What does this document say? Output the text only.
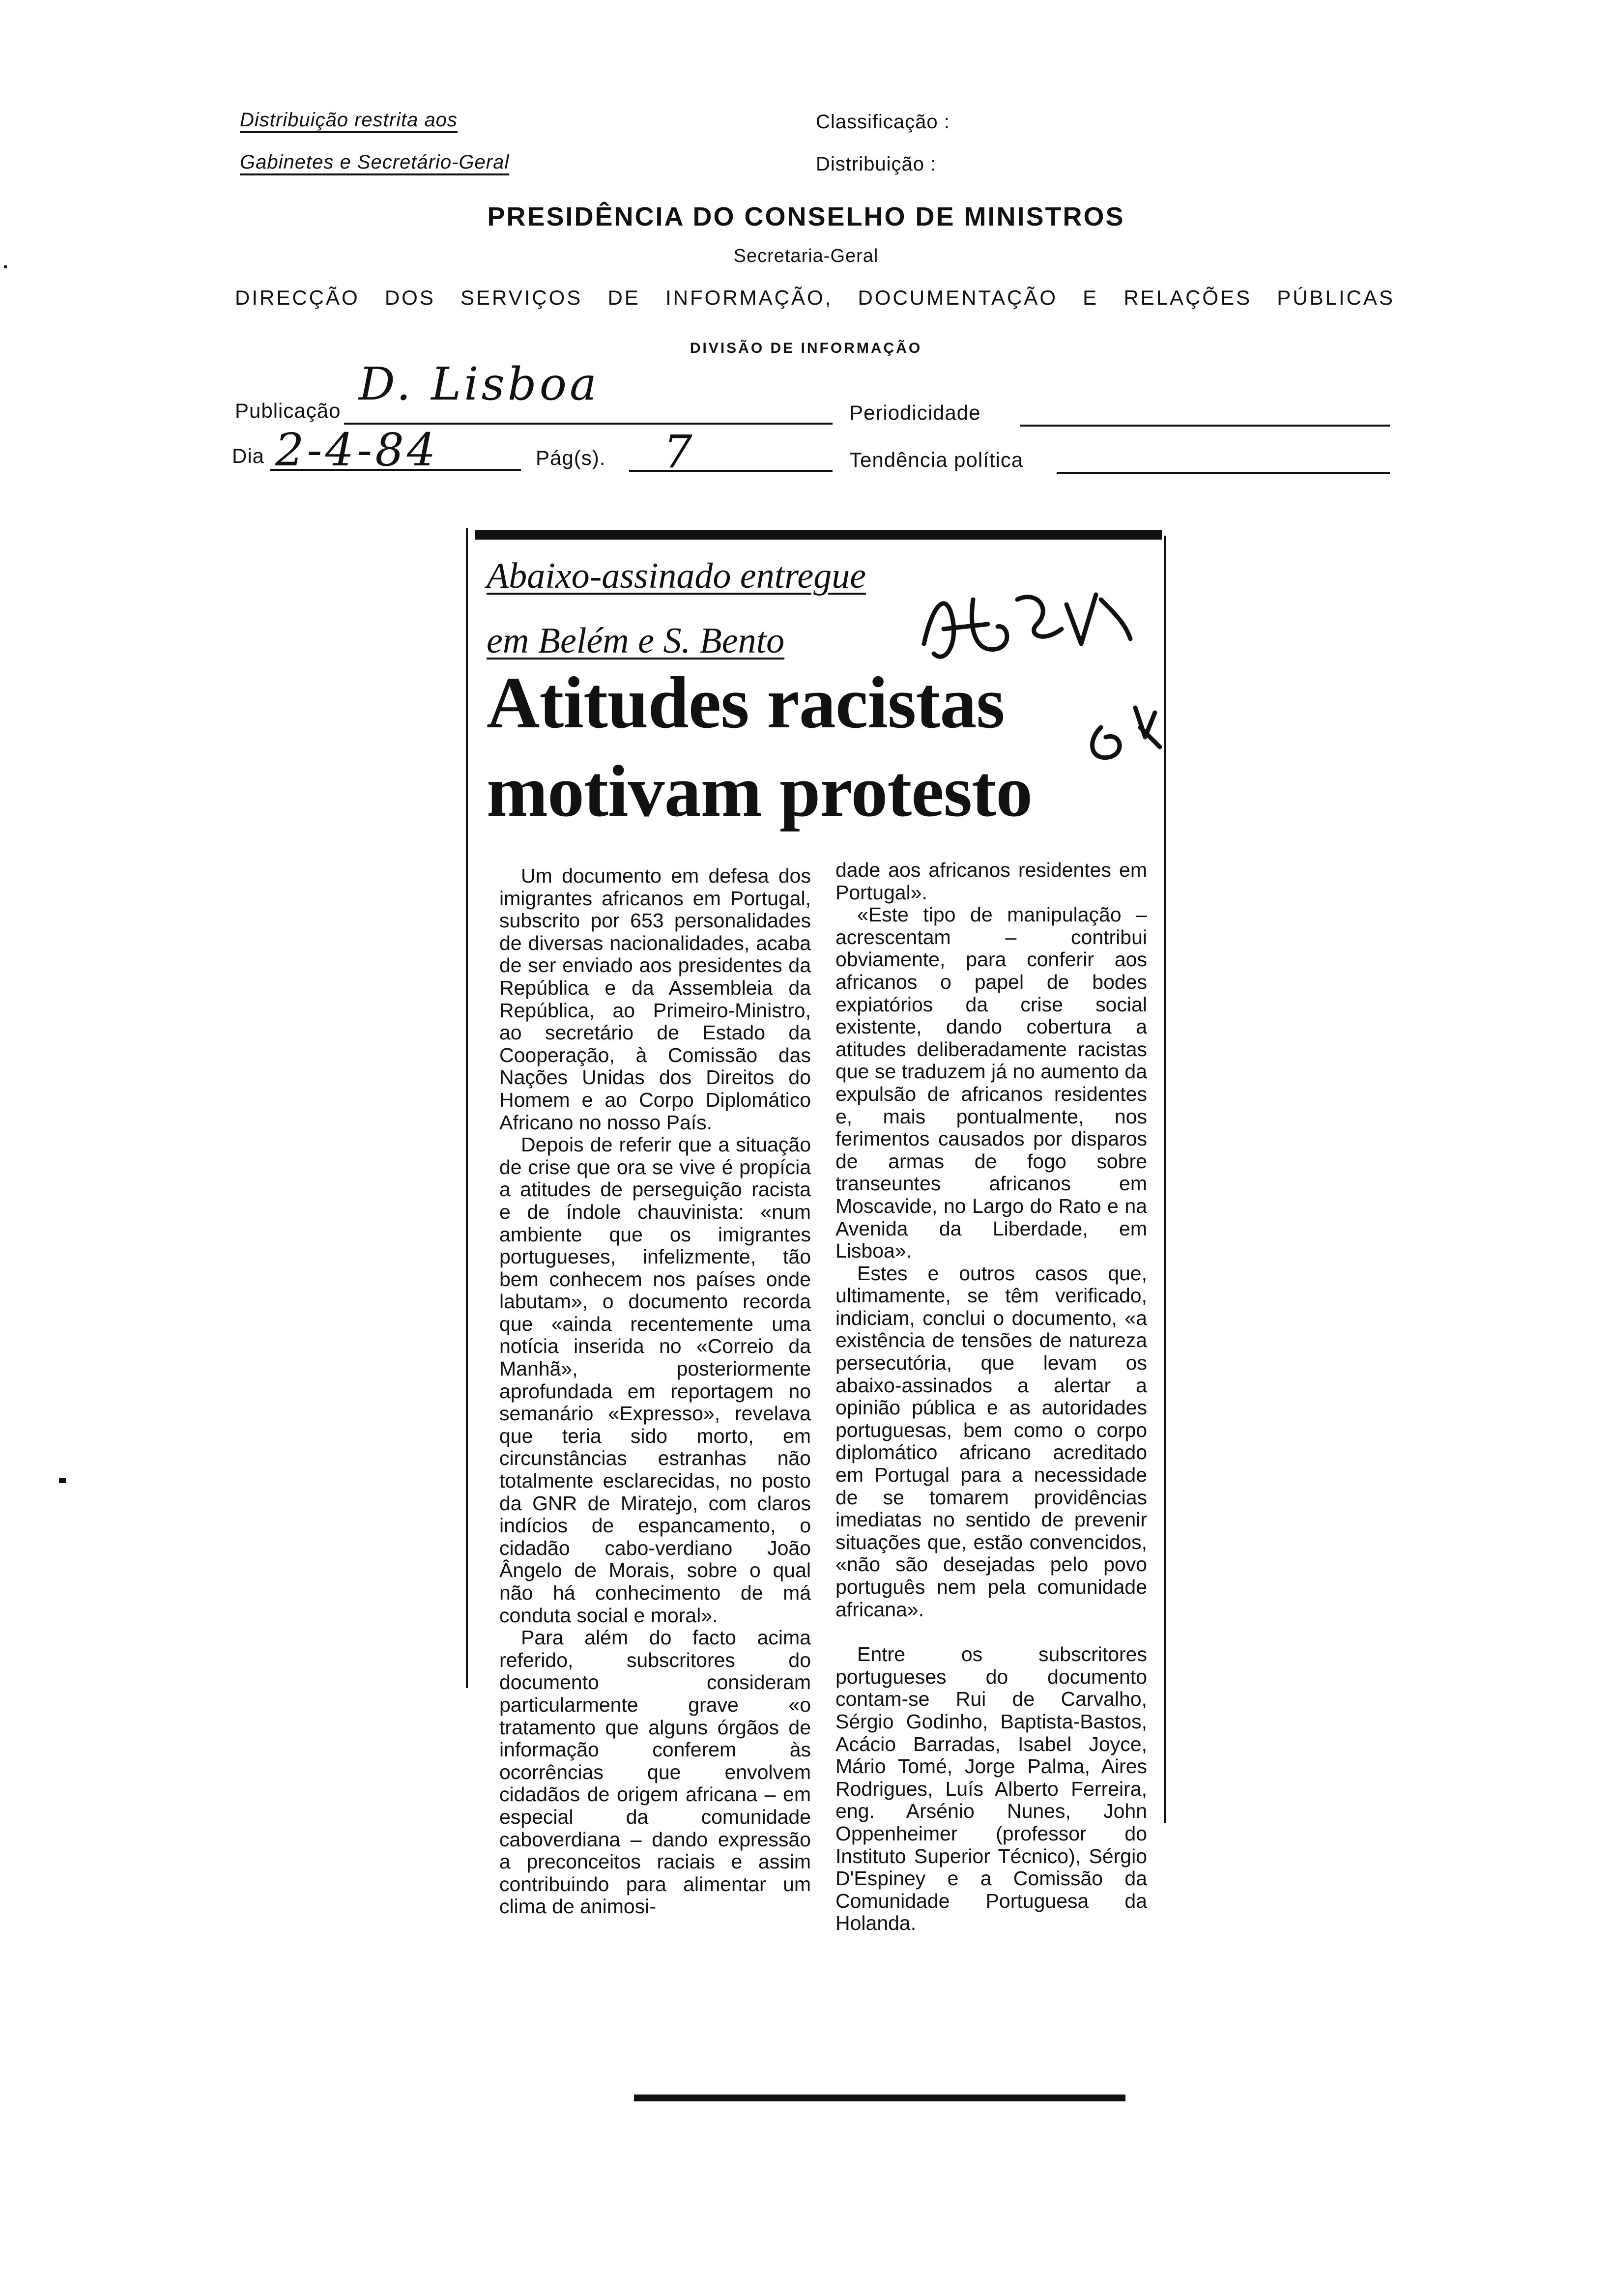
Distribuição restrita aos
Gabinetes e Secretário-Geral
Classificação :
Distribuição :
PRESIDÊNCIA DO CONSELHO DE MINISTROS
Secretaria-Geral
DIRECÇÃO DOS SERVIÇOS DE INFORMAÇÃO, DOCUMENTAÇÃO E RELAÇÕES PÚBLICAS
DIVISÃO DE INFORMAÇÃO
Publicação
D. Lisboa
Periodicidade
Dia 2-4-84	Pág(s). 7	Tendência política
Abaixo-assinado entregue
em Belém e S. Bento
Atitudes racistas
motivam protesto

Um documento em defesa dos imigrantes africanos em Portugal, subscrito por 653 personalidades de diversas nacionalidades, acaba de ser enviado aos presidentes da República e da Assembleia da República, ao Primeiro-Ministro, ao secretário de Estado da Cooperação, à Comissão das Nações Unidas dos Direitos do Homem e ao Corpo Diplomático Africano no nosso País.

Depois de referir que a situação de crise que ora se vive é propícia a atitudes de perseguição racista e de índole chauvinista: «num ambiente que os imigrantes portugueses, infelizmente, tão bem conhecem nos países onde labutam», o documento recorda que «ainda recentemente uma notícia inserida no «Correio da Manhã», posteriormente aprofundada em reportagem no semanário «Expresso», revelava que teria sido morto, em circunstâncias estranhas não totalmente esclarecidas, no posto da GNR de Miratejo, com claros indícios de espancamento, o cidadão cabo-verdiano João Ângelo de Morais, sobre o qual não há conhecimento de má conduta social e moral».

Para além do facto acima referido, subscritores do documento consideram particularmente grave «o tratamento que alguns órgãos de informação conferem às ocorrências que envolvem cidadãos de origem africana – em especial da comunidade caboverdiana – dando expressão a preconceitos raciais e assim contribuindo para alimentar um clima de animosi-

dade aos africanos residentes em Portugal».

«Este tipo de manipulação – acrescentam – contribui obviamente, para conferir aos africanos o papel de bodes expiatórios da crise social existente, dando cobertura a atitudes deliberadamente racistas que se traduzem já no aumento da expulsão de africanos residentes e, mais pontualmente, nos ferimentos causados por disparos de armas de fogo sobre transeuntes africanos em Moscavide, no Largo do Rato e na Avenida da Liberdade, em Lisboa».

Estes e outros casos que, ultimamente, se têm verificado, indiciam, conclui o documento, «a existência de tensões de natureza persecutória, que levam os abaixo-assinados a alertar a opinião pública e as autoridades portuguesas, bem como o corpo diplomático africano acreditado em Portugal para a necessidade de se tomarem providências imediatas no sentido de prevenir situações que, estão convencidos, «não são desejadas pelo povo português nem pela comunidade africana».

Entre os subscritores portugueses do documento contam-se Rui de Carvalho, Sérgio Godinho, Baptista-Bastos, Acácio Barradas, Isabel Joyce, Mário Tomé, Jorge Palma, Aires Rodrigues, Luís Alberto Ferreira, eng. Arsénio Nunes, John Oppenheimer (professor do Instituto Superior Técnico), Sérgio D'Espiney e a Comissão da Comunidade Portuguesa da Holanda.
